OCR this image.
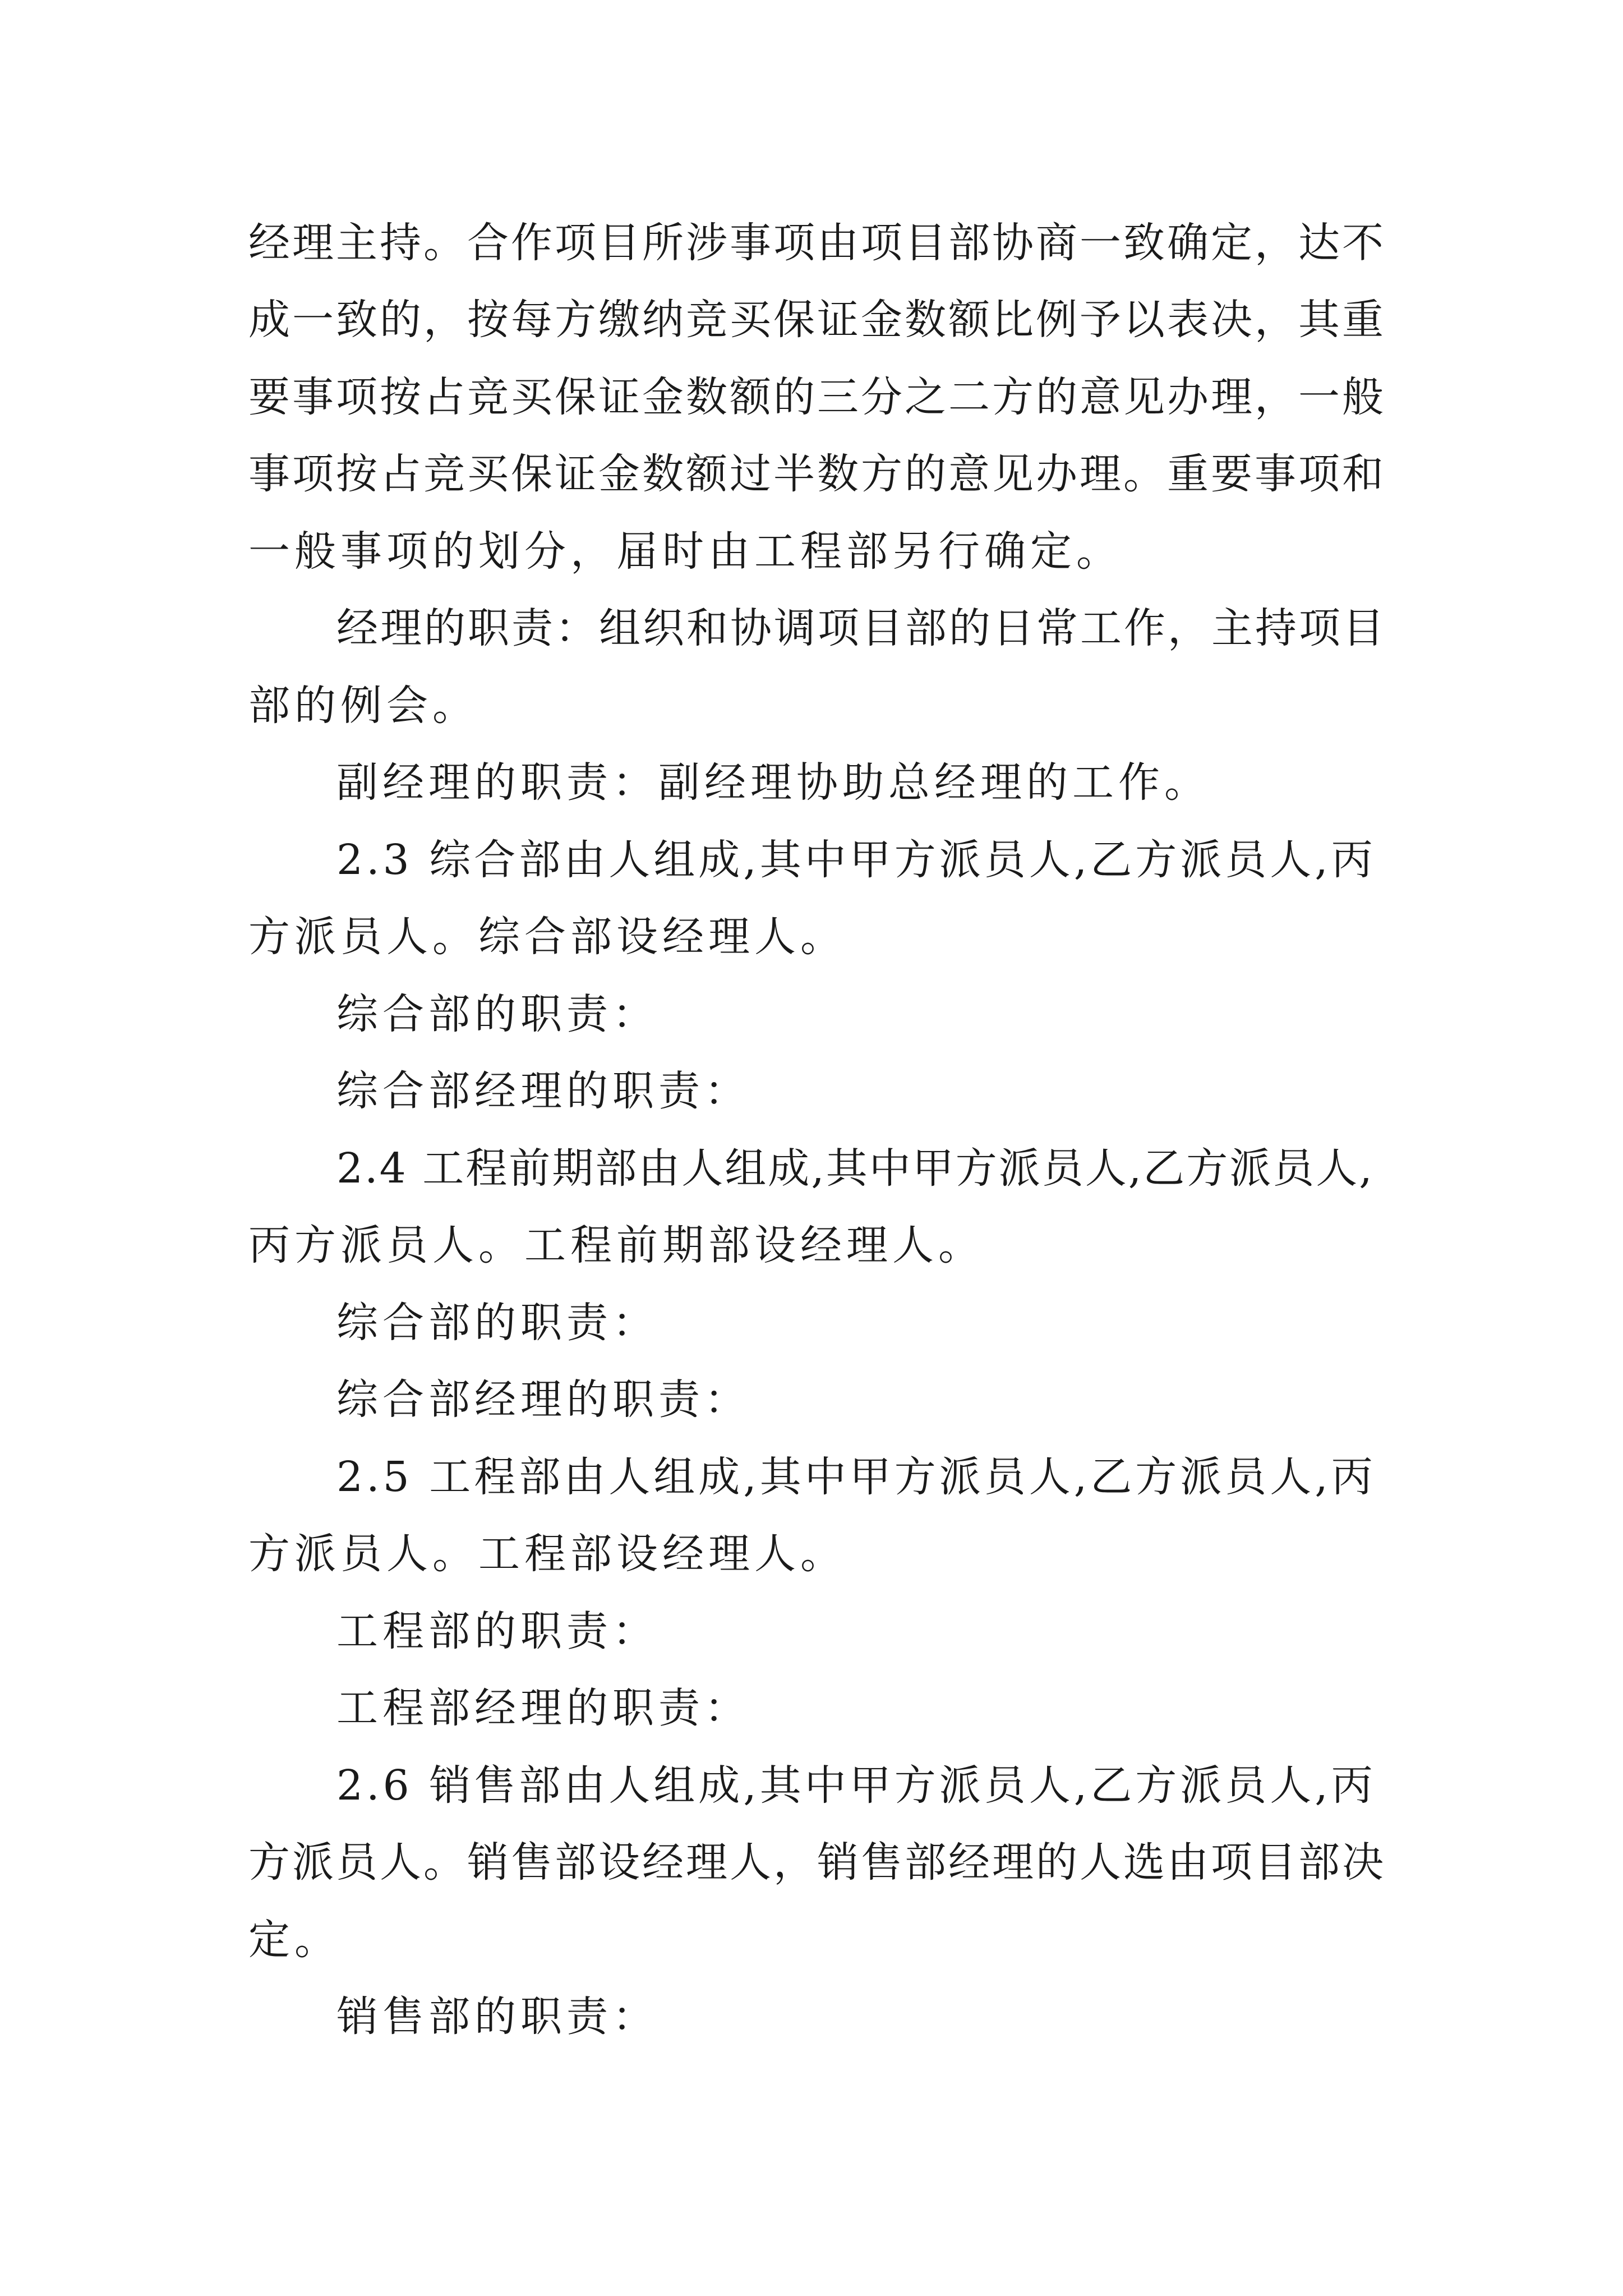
经理主持。合作项目所涉事项由项目部协商一致确定，达不

成一致的，按每方缴纳竞买保证金数额比例予以表决，其重

要事项按占竞买保证金数额的三分之二方的意见办理，一般

事项按占竞买保证金数额过半数方的意见办理。重要事项和

一般事项的划分，届时由工程部另行确定。

经理的职责：组织和协调项目部的日常工作，主持项目

部的例会。

副经理的职责：副经理协助总经理的工作。

2.3 综合部由人组成,其中甲方派员人,乙方派员人,丙

方派员人。综合部设经理人。

综合部的职责：

综合部经理的职责：

2.4 工程前期部由人组成,其中甲方派员人,乙方派员人,

丙方派员人。工程前期部设经理人。

综合部的职责：

综合部经理的职责：

2.5 工程部由人组成,其中甲方派员人,乙方派员人,丙

方派员人。工程部设经理人。

工程部的职责：

工程部经理的职责：

2.6 销售部由人组成,其中甲方派员人,乙方派员人,丙

方派员人。销售部设经理人，销售部经理的人选由项目部决

定。

销售部的职责：
